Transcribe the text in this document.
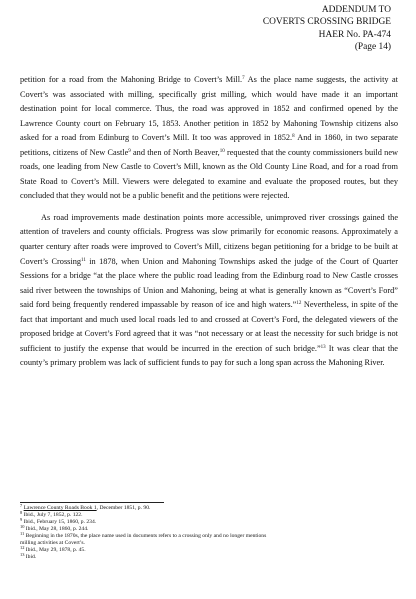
ADDENDUM TO
COVERTS CROSSING BRIDGE
HAER No. PA-474
(Page 14)

petition for a road from the Mahoning Bridge to Covert’s Mill.$^7$ As the place name suggests, the activity at Covert’s was associated with milling, specifically grist milling, which would have made it an important destination point for local commerce. Thus, the road was approved in 1852 and confirmed opened by the Lawrence County court on February 15, 1853. Another petition in 1852 by Mahoning Township citizens also asked for a road from Edinburg to Covert’s Mill. It too was approved in 1852.$^8$ And in 1860, in two separate petitions, citizens of New Castle$^9$ and then of North Beaver,$^{10}$ requested that the county commissioners build new roads, one leading from New Castle to Covert’s Mill, known as the Old County Line Road, and for a road from State Road to Covert’s Mill. Viewers were delegated to examine and evaluate the proposed routes, but they concluded that they would not be a public benefit and the petitions were rejected.

As road improvements made destination points more accessible, unimproved river crossings gained the attention of travelers and county officials. Progress was slow primarily for economic reasons. Approximately a quarter century after roads were improved to Covert’s Mill, citizens began petitioning for a bridge to be built at Covert’s Crossing$^{11}$ in 1878, when Union and Mahoning Townships asked the judge of the Court of Quarter Sessions for a bridge “at the place where the public road leading from the Edinburg road to New Castle crosses said river between the townships of Union and Mahoning, being at what is generally known as “Covert’s Ford” said ford being frequently rendered impassable by reason of ice and high waters.”$^{12}$ Nevertheless, in spite of the fact that important and much used local roads led to and crossed at Covert’s Ford, the delegated viewers of the proposed bridge at Covert’s Ford agreed that it was “not necessary or at least the necessity for such bridge is not sufficient to justify the expense that would be incurred in the erection of such bridge.”$^{13}$ It was clear that the county’s primary problem was lack of sufficient funds to pay for such a long span across the Mahoning River.

$^7$ Lawrence County Roads Book 1, December 1851, p. 90.
$^8$ Ibid., July 7, 1852, p. 122.
$^9$ Ibid., February 15, 1860, p. 234.
$^{10}$ Ibid., May 28, 1860, p. 244.
$^{11}$ Beginning in the 1870s, the place name used in documents refers to a crossing only and no longer mentions
milling activities at Covert’s.
$^{12}$ Ibid., May 29, 1878, p. 45.
$^{13}$ Ibid.
